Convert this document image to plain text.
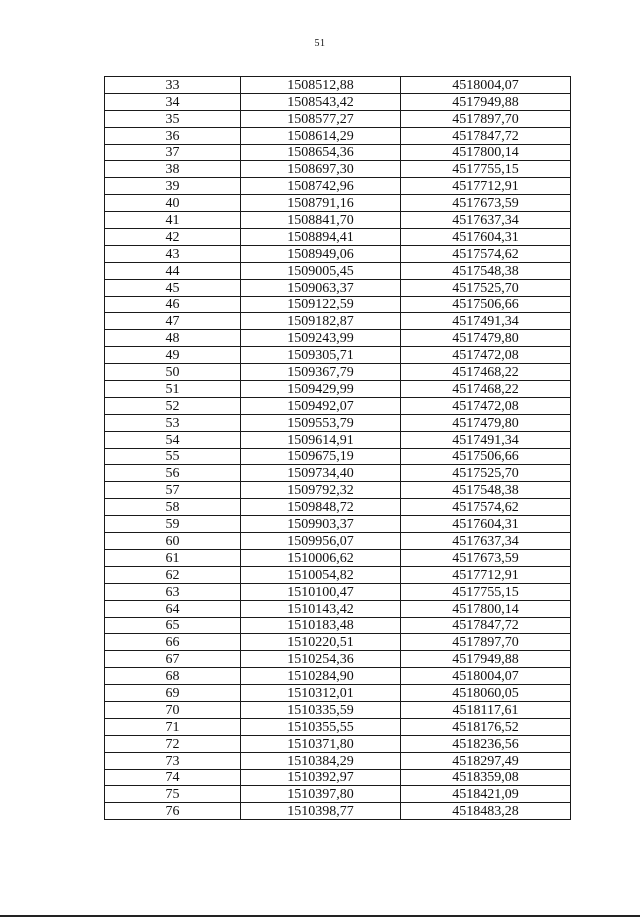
51
33	1508512,88	4518004,07
34	1508543,42	4517949,88
35	1508577,27	4517897,70
36	1508614,29	4517847,72
37	1508654,36	4517800,14
38	1508697,30	4517755,15
39	1508742,96	4517712,91
40	1508791,16	4517673,59
41	1508841,70	4517637,34
42	1508894,41	4517604,31
43	1508949,06	4517574,62
44	1509005,45	4517548,38
45	1509063,37	4517525,70
46	1509122,59	4517506,66
47	1509182,87	4517491,34
48	1509243,99	4517479,80
49	1509305,71	4517472,08
50	1509367,79	4517468,22
51	1509429,99	4517468,22
52	1509492,07	4517472,08
53	1509553,79	4517479,80
54	1509614,91	4517491,34
55	1509675,19	4517506,66
56	1509734,40	4517525,70
57	1509792,32	4517548,38
58	1509848,72	4517574,62
59	1509903,37	4517604,31
60	1509956,07	4517637,34
61	1510006,62	4517673,59
62	1510054,82	4517712,91
63	1510100,47	4517755,15
64	1510143,42	4517800,14
65	1510183,48	4517847,72
66	1510220,51	4517897,70
67	1510254,36	4517949,88
68	1510284,90	4518004,07
69	1510312,01	4518060,05
70	1510335,59	4518117,61
71	1510355,55	4518176,52
72	1510371,80	4518236,56
73	1510384,29	4518297,49
74	1510392,97	4518359,08
75	1510397,80	4518421,09
76	1510398,77	4518483,28
